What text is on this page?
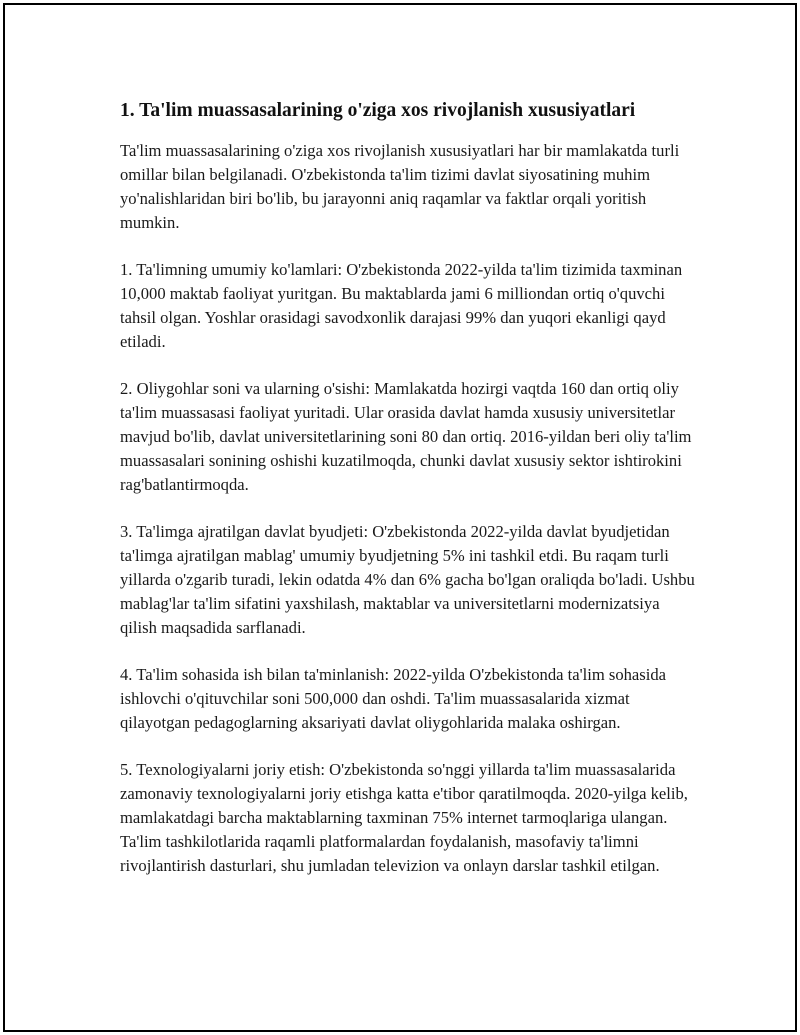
1. Ta'lim muassasalarining o'ziga xos rivojlanish xususiyatlari

Ta'lim muassasalarining o'ziga xos rivojlanish xususiyatlari har bir mamlakatda turli omillar bilan belgilanadi. O'zbekistonda ta'lim tizimi davlat siyosatining muhim yo'nalishlaridan biri bo'lib, bu jarayonni aniq raqamlar va faktlar orqali yoritish mumkin.

1. Ta'limning umumiy ko'lamlari: O'zbekistonda 2022-yilda ta'lim tizimida taxminan 10,000 maktab faoliyat yuritgan. Bu maktablarda jami 6 milliondan ortiq o'quvchi tahsil olgan. Yoshlar orasidagi savodxonlik darajasi 99% dan yuqori ekanligi qayd etiladi.

2. Oliygohlar soni va ularning o'sishi: Mamlakatda hozirgi vaqtda 160 dan ortiq oliy ta'lim muassasasi faoliyat yuritadi. Ular orasida davlat hamda xususiy universitetlar mavjud bo'lib, davlat universitetlarining soni 80 dan ortiq. 2016-yildan beri oliy ta'lim muassasalari sonining oshishi kuzatilmoqda, chunki davlat xususiy sektor ishtirokini rag'batlantirmoqda.

3. Ta'limga ajratilgan davlat byudjeti: O'zbekistonda 2022-yilda davlat byudjetidan ta'limga ajratilgan mablag' umumiy byudjetning 5% ini tashkil etdi. Bu raqam turli yillarda o'zgarib turadi, lekin odatda 4% dan 6% gacha bo'lgan oraliqda bo'ladi. Ushbu mablag'lar ta'lim sifatini yaxshilash, maktablar va universitetlarni modernizatsiya qilish maqsadida sarflanadi.

4. Ta'lim sohasida ish bilan ta'minlanish: 2022-yilda O'zbekistonda ta'lim sohasida ishlovchi o'qituvchilar soni 500,000 dan oshdi. Ta'lim muassasalarida xizmat qilayotgan pedagoglarning aksariyati davlat oliygohlarida malaka oshirgan.

5. Texnologiyalarni joriy etish: O'zbekistonda so'nggi yillarda ta'lim muassasalarida zamonaviy texnologiyalarni joriy etishga katta e'tibor qaratilmoqda. 2020-yilga kelib, mamlakatdagi barcha maktablarning taxminan 75% internet tarmoqlariga ulangan. Ta'lim tashkilotlarida raqamli platformalardan foydalanish, masofaviy ta'limni rivojlantirish dasturlari, shu jumladan televizion va onlayn darslar tashkil etilgan.
